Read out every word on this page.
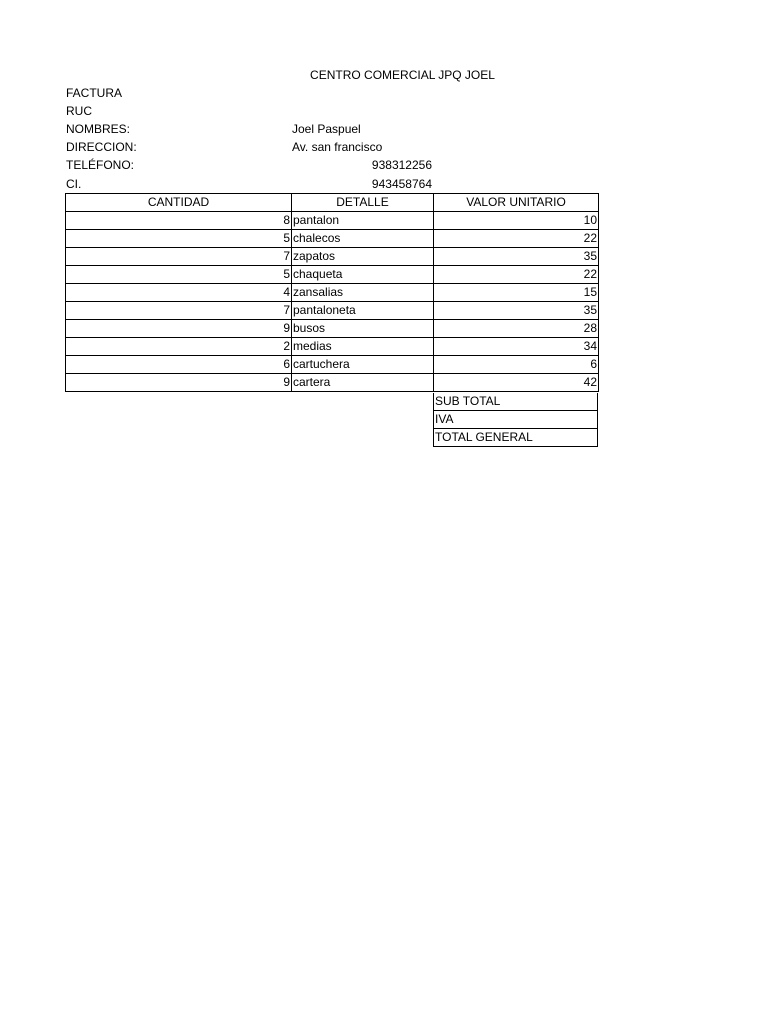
CENTRO COMERCIAL JPQ JOEL
FACTURA
RUC
NOMBRES:	Joel Paspuel
DIRECCION:	Av. san francisco
TELÉFONO:	938312256
CI.	943458764
CANTIDAD	DETALLE	VALOR UNITARIO
8	pantalon	10
5	chalecos	22
7	zapatos	35
5	chaqueta	22
4	zansalias	15
7	pantaloneta	35
9	busos	28
2	medias	34
6	cartuchera	6
9	cartera	42
SUB TOTAL
IVA
TOTAL GENERAL
